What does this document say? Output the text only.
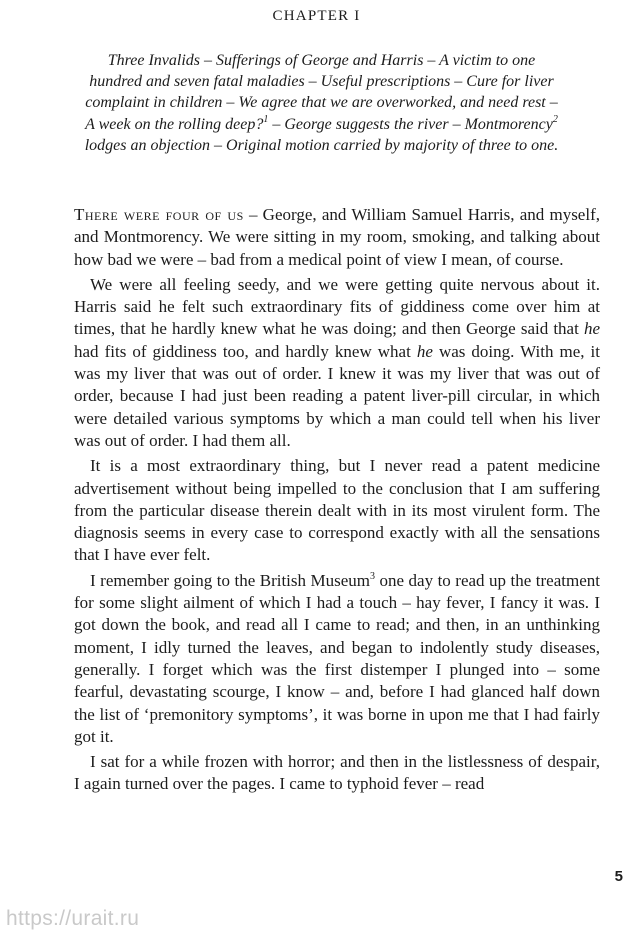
CHAPTER I
Three Invalids – Sufferings of George and Harris – A victim to one hundred and seven fatal maladies – Useful prescriptions – Cure for liver complaint in children – We agree that we are overworked, and need rest – A week on the rolling deep?$^1$ – George suggests the river – Montmorency$^2$ lodges an objection – Original motion carried by majority of three to one.

There were four of us – George, and William Samuel Harris, and myself, and Montmorency. We were sitting in my room, smoking, and talking about how bad we were – bad from a medical point of view I mean, of course.

We were all feeling seedy, and we were getting quite nervous about it. Harris said he felt such extraordinary fits of giddiness come over him at times, that he hardly knew what he was doing; and then George said that he had fits of giddiness too, and hardly knew what he was doing. With me, it was my liver that was out of order. I knew it was my liver that was out of order, because I had just been reading a patent liver-pill circular, in which were detailed various symptoms by which a man could tell when his liver was out of order. I had them all.

It is a most extraordinary thing, but I never read a patent medicine advertisement without being impelled to the conclusion that I am suffering from the particular disease therein dealt with in its most virulent form. The diagnosis seems in every case to correspond exactly with all the sensations that I have ever felt.

I remember going to the British Museum$^3$ one day to read up the treatment for some slight ailment of which I had a touch – hay fever, I fancy it was. I got down the book, and read all I came to read; and then, in an unthinking moment, I idly turned the leaves, and began to indolently study diseases, generally. I forget which was the first distemper I plunged into – some fearful, devastating scourge, I know – and, before I had glanced half down the list of ‘premonitory symptoms’, it was borne in upon me that I had fairly got it.

I sat for a while frozen with horror; and then in the listlessness of despair, I again turned over the pages. I came to typhoid fever – read

5
https://urait.ru
